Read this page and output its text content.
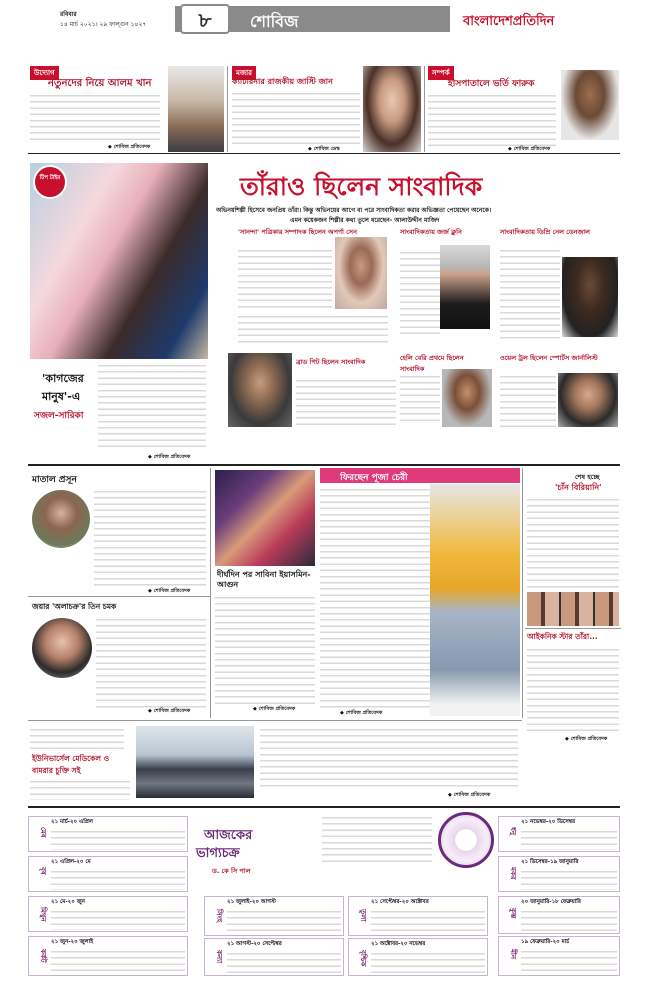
রবিবার
১৪ মার্চ ২০২১। ২৯ ফাল্গুন ১৪২৭	৮	শোবিজ	বাংলাদেশপ্রতিদিন
উদ্যোগ
নতুনদের নিয়ে আলম খান
◆ শোবিজ প্রতিবেদক
মজার
ক্যাটরিনার রাজকীয় জাস্টি জান
◆ শোবিজ ডেস্ক
সম্পর্ক
হাসপাতালে ভর্তি ফারুক
◆ শোবিজ প্রতিবেদক
টিপ টাইম	তাঁরাও ছিলেন সাংবাদিক
অভিনয়শিল্পী হিসেবে জনপ্রিয় তাঁরা। কিন্তু অভিনয়ের আগে বা পরে সাংবাদিকতা করার অভিজ্ঞতা পেয়েছেন অনেকে।
এমন কয়েকজন শিল্পীর কথা তুলে ধরেছেন- আলাউদ্দীন মাজিদ
'সানন্দা' পত্রিকার সম্পাদক ছিলেন অপর্ণা সেন	সাংবাদিকতায় জর্জ ক্লুনি	সাংবাদিকতায় ডিম্রি নেল ডেনজাল
ব্রাড পিট ছিলেন সাংবাদিক	হেলি বেরি প্রথমে ছিলেন সাংবাদিক
ওয়েল ট্রল ছিলেন স্পোর্টস জার্নালিস্ট
'কাগজের
মানুষ'-এ
সজল-সারিকা
◆ শোবিজ প্রতিবেদক
মাতাল প্রসূন
◆ শোবিজ প্রতিবেদক
জয়ার 'অলাচক্র'র তিন চমক
◆ শোবিজ প্রতিবেদক
দীর্ঘদিন পর সাবিনা ইয়াসমিন-আগুন
◆ শোবিজ প্রতিবেদক
ফিরছেন পূজা চেরী
◆ শোবিজ প্রতিবেদক
শেষ হচ্ছে
'চাঁন বিরিয়ানি'
আইকনিক স্টার তাঁরা...
◆ শোবিজ প্রতিবেদক
ইউনিভার্সেল মেডিকেল ও
বামরার চুক্তি সই
◆ শোবিজ প্রতিবেদক
আজকের
ভাগ্যচক্র
ড. কে সি পাল
মেষ
২১ মার্চ-২০ এপ্রিল
বৃষ
২১ এপ্রিল-২০ মে
মিথুন
২১ মে-২০ জুন
কর্কট
২১ জুন-২০ জুলাই
সিংহ
২১ জুলাই-২০ আগস্ট
কন্যা
২১ আগস্ট-২০ সেপ্টেম্বর
তুলা
২১ সেপ্টেম্বর-২০ অক্টোবর
বৃশ্চিক
২১ অক্টোবর-২০ নভেম্বর
ধনু
২১ নভেম্বর-২০ ডিসেম্বর
মকর
২১ ডিসেম্বর-১৯ জানুয়ারি
কুম্ভ
২০ জানুয়ারি-১৮ ফেব্রুয়ারি
মীন
১৯ ফেব্রুয়ারি-২০ মার্চ
